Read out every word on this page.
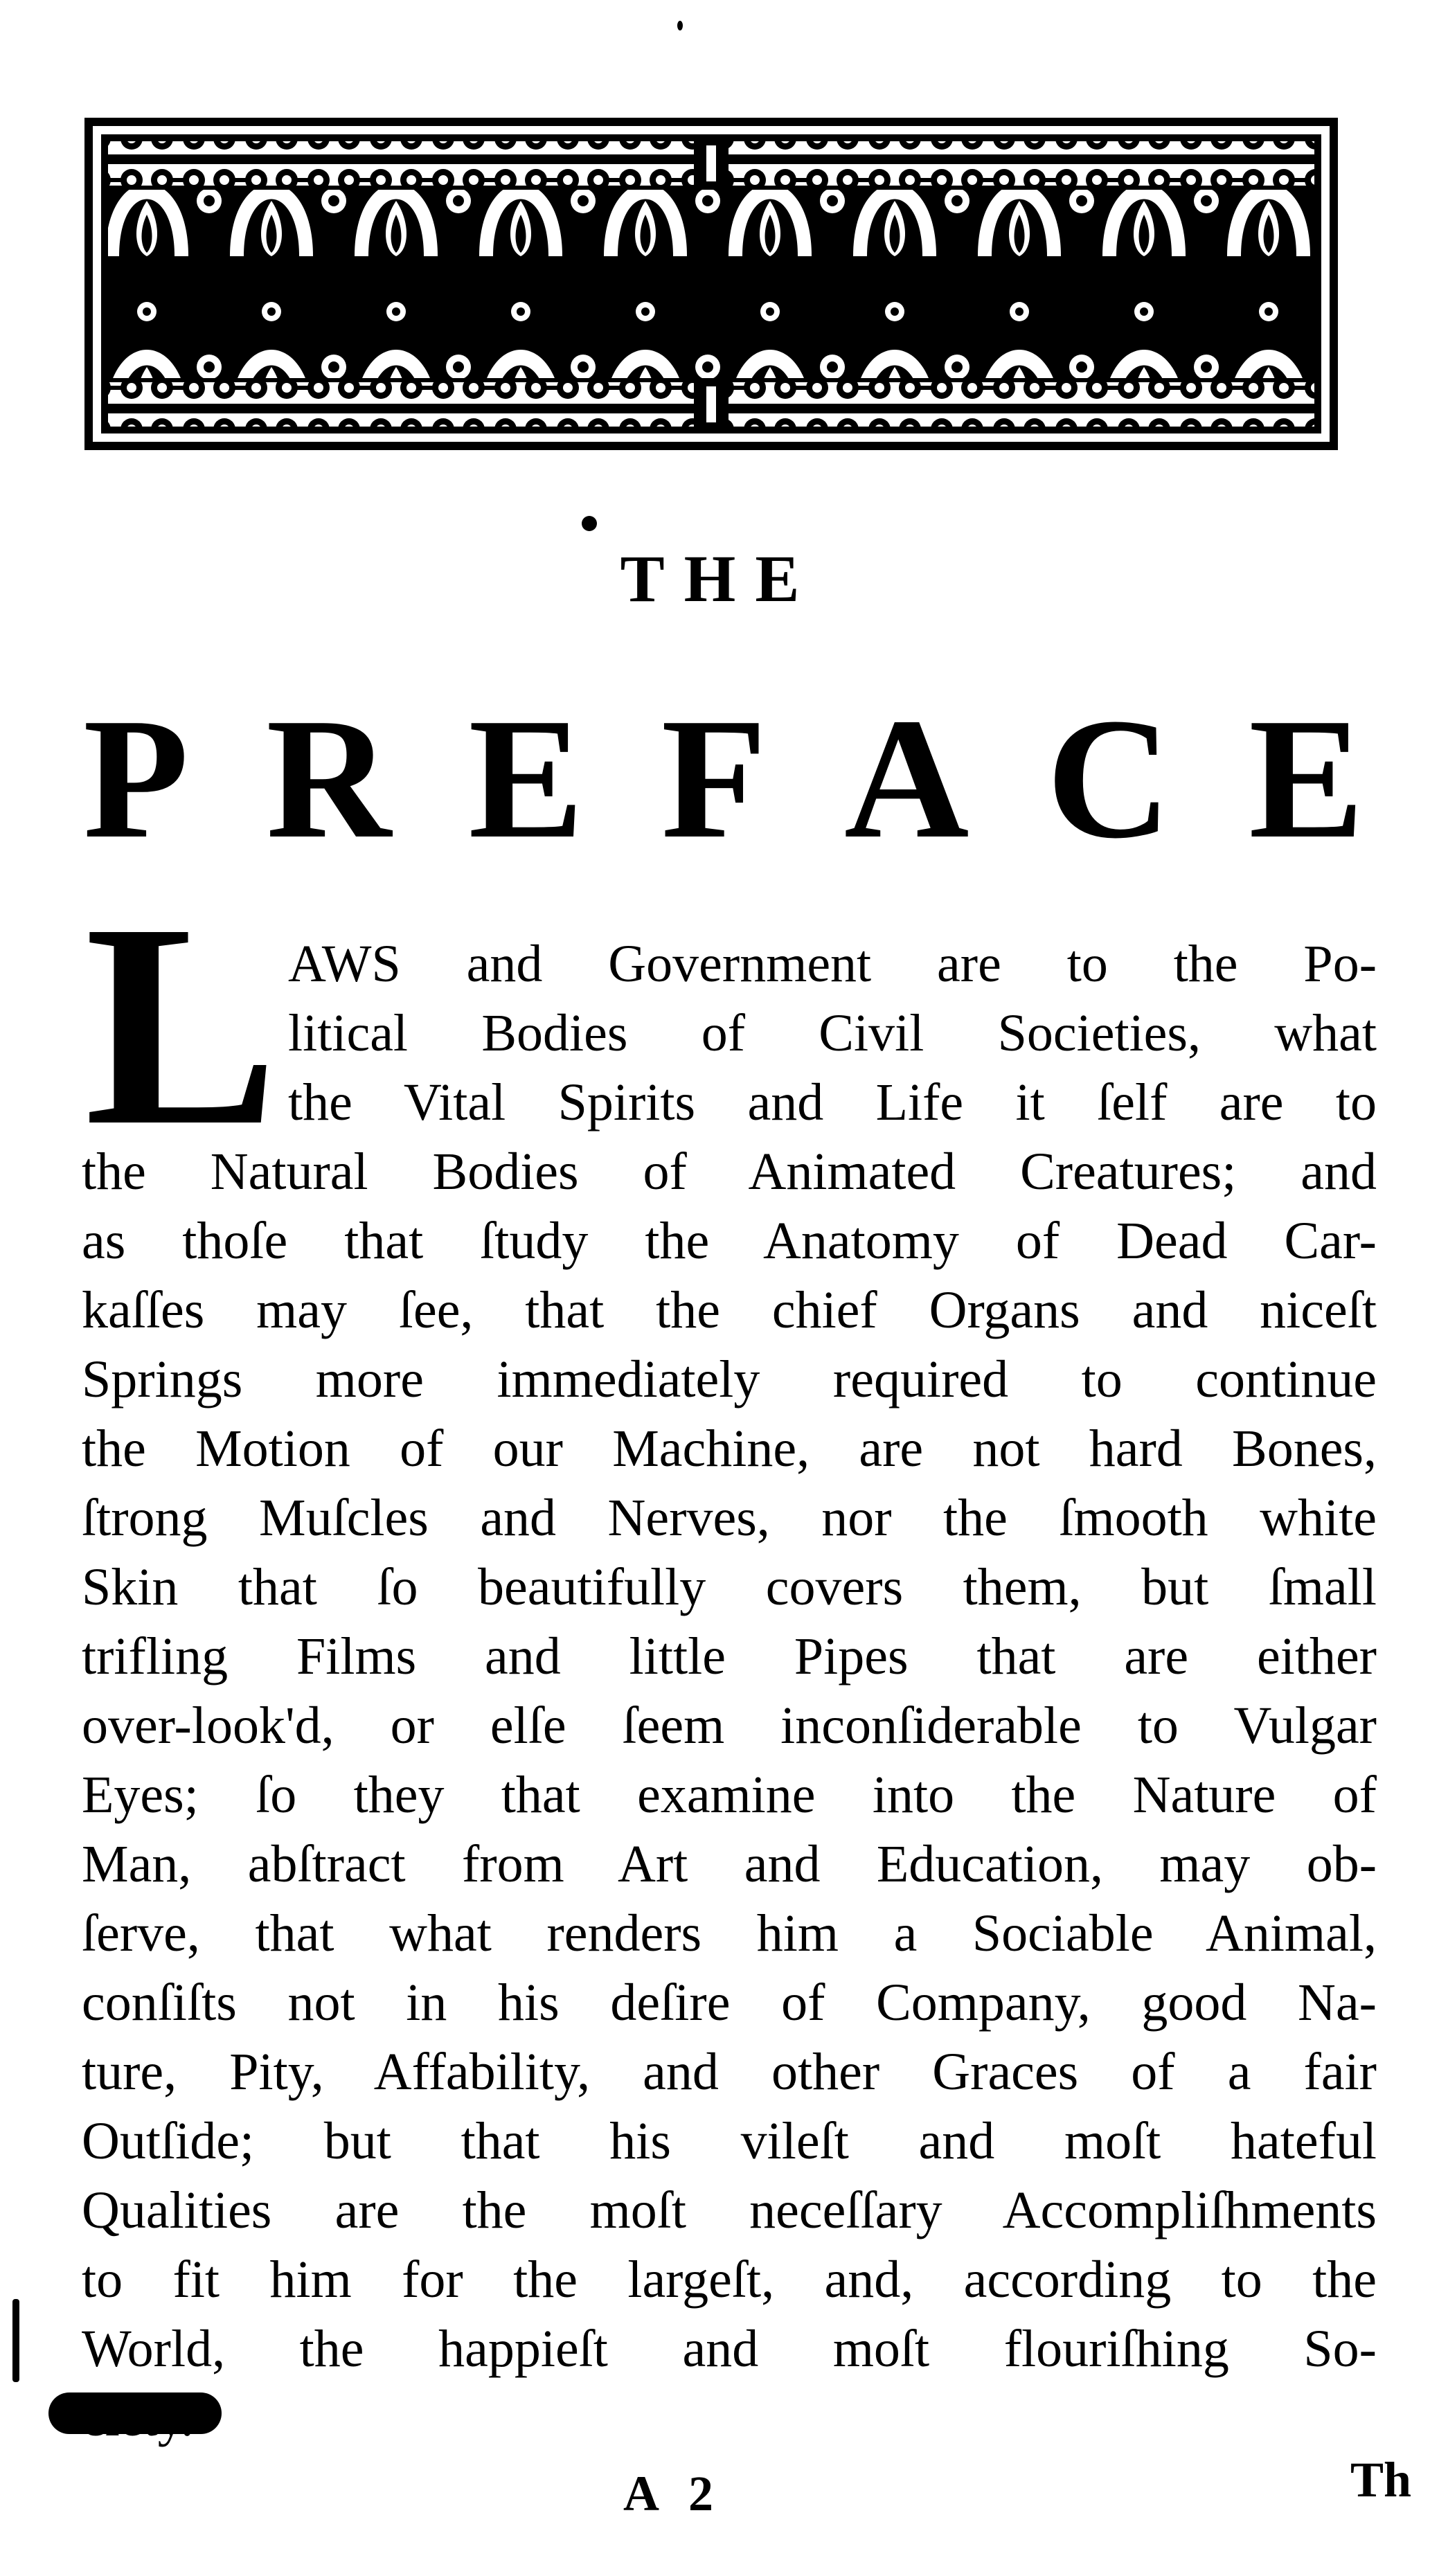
THE
P R E F A C E
L AWS and Government are to the Po-
litical Bodies of Civil Societies, what
the Vital Spirits and Life it ſelf are to
the Natural Bodies of Animated Creatures; and
as thoſe that ſtudy the Anatomy of Dead Car-
kaſſes may ſee, that the chief Organs and niceſt
Springs more immediately required to continue
the Motion of our Machine, are not hard Bones,
ſtrong Muſcles and Nerves, nor the ſmooth white
Skin that ſo beautifully covers them, but ſmall
trifling Films and little Pipes that are either
over-look'd, or elſe ſeem inconſiderable to Vulgar
Eyes; ſo they that examine into the Nature of
Man, abſtract from Art and Education, may ob-
ſerve, that what renders him a Sociable Animal,
conſiſts not in his deſire of Company, good Na-
ture, Pity, Affability, and other Graces of a fair
Outſide; but that his vileſt and moſt hateful
Qualities are the moſt neceſſary Accompliſhments
to fit him for the largeſt, and, according to the
World, the happieſt and moſt flouriſhing So-
A 2	Th
